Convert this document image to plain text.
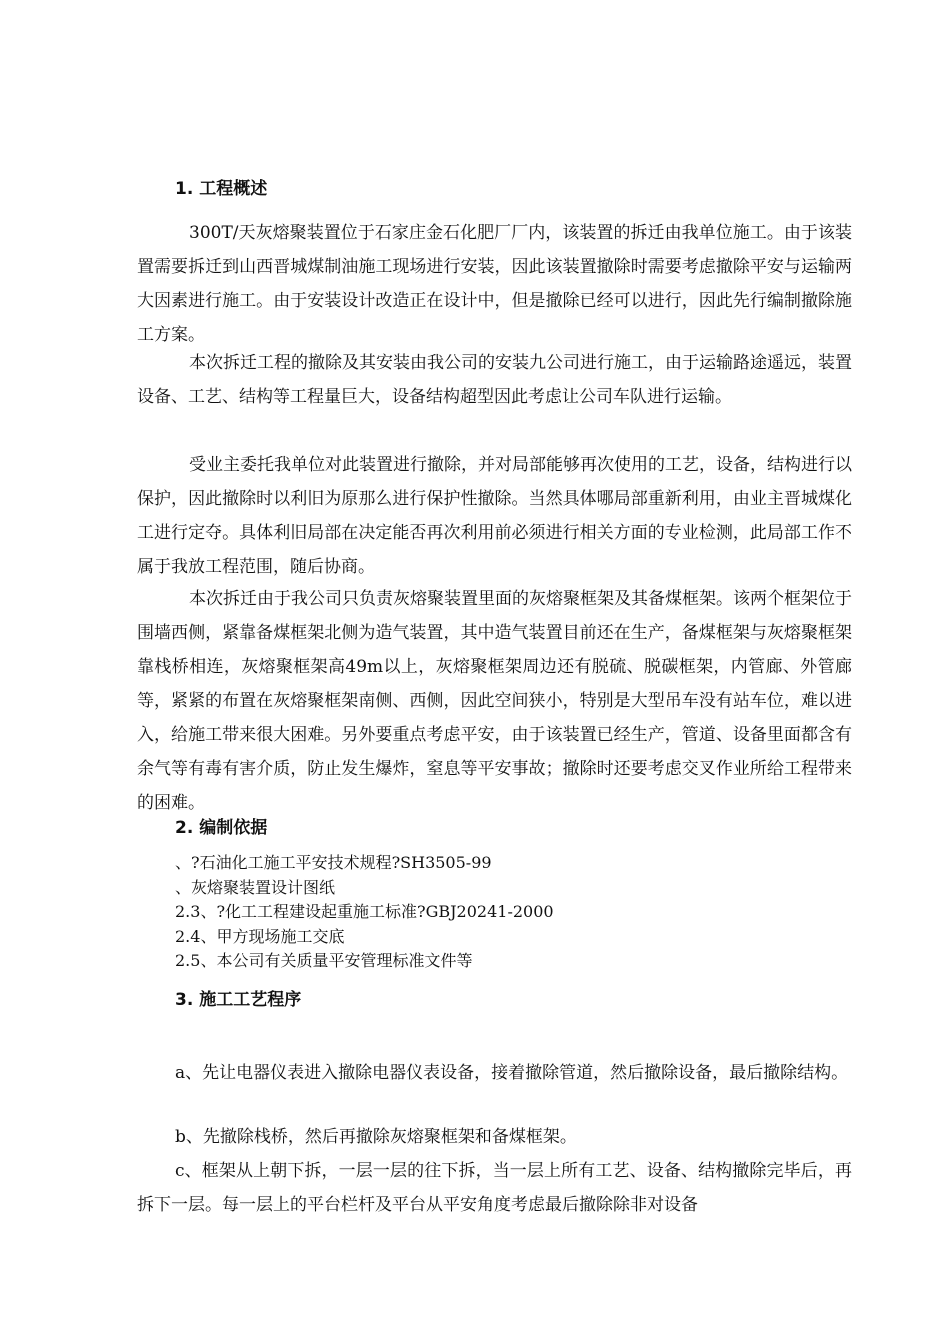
1. 工程概述
300T/天灰熔聚装置位于石家庄金石化肥厂厂内，该装置的拆迁由我单位施工。由于该装置需要拆迁到山西晋城煤制油施工现场进行安装，因此该装置撤除时需要考虑撤除平安与运输两大因素进行施工。由于安装设计改造正在设计中，但是撤除已经可以进行，因此先行编制撤除施工方案。
本次拆迁工程的撤除及其安装由我公司的安装九公司进行施工，由于运输路途遥远，装置设备、工艺、结构等工程量巨大，设备结构超型因此考虑让公司车队进行运输。
受业主委托我单位对此装置进行撤除，并对局部能够再次使用的工艺，设备，结构进行以保护，因此撤除时以利旧为原那么进行保护性撤除。当然具体哪局部重新利用，由业主晋城煤化工进行定夺。具体利旧局部在决定能否再次利用前必须进行相关方面的专业检测，此局部工作不属于我放工程范围，随后协商。
本次拆迁由于我公司只负责灰熔聚装置里面的灰熔聚框架及其备煤框架。该两个框架位于围墙西侧，紧靠备煤框架北侧为造气装置，其中造气装置目前还在生产，备煤框架与灰熔聚框架靠栈桥相连，灰熔聚框架高49m以上，灰熔聚框架周边还有脱硫、脱碳框架，内管廊、外管廊等，紧紧的布置在灰熔聚框架南侧、西侧，因此空间狭小，特别是大型吊车没有站车位，难以进入，给施工带来很大困难。另外要重点考虑平安，由于该装置已经生产，管道、设备里面都含有余气等有毒有害介质，防止发生爆炸，窒息等平安事故；撤除时还要考虑交叉作业所给工程带来的困难。
2. 编制依据
、?石油化工施工平安技术规程?SH3505-99
、灰熔聚装置设计图纸
2.3、?化工工程建设起重施工标准?GBJ20241-2000
2.4、甲方现场施工交底
2.5、本公司有关质量平安管理标准文件等
3. 施工工艺程序
a、先让电器仪表进入撤除电器仪表设备，接着撤除管道，然后撤除设备，最后撤除结构。
b、先撤除栈桥，然后再撤除灰熔聚框架和备煤框架。
c、框架从上朝下拆，一层一层的往下拆，当一层上所有工艺、设备、结构撤除完毕后，再拆下一层。每一层上的平台栏杆及平台从平安角度考虑最后撤除除非对设备
